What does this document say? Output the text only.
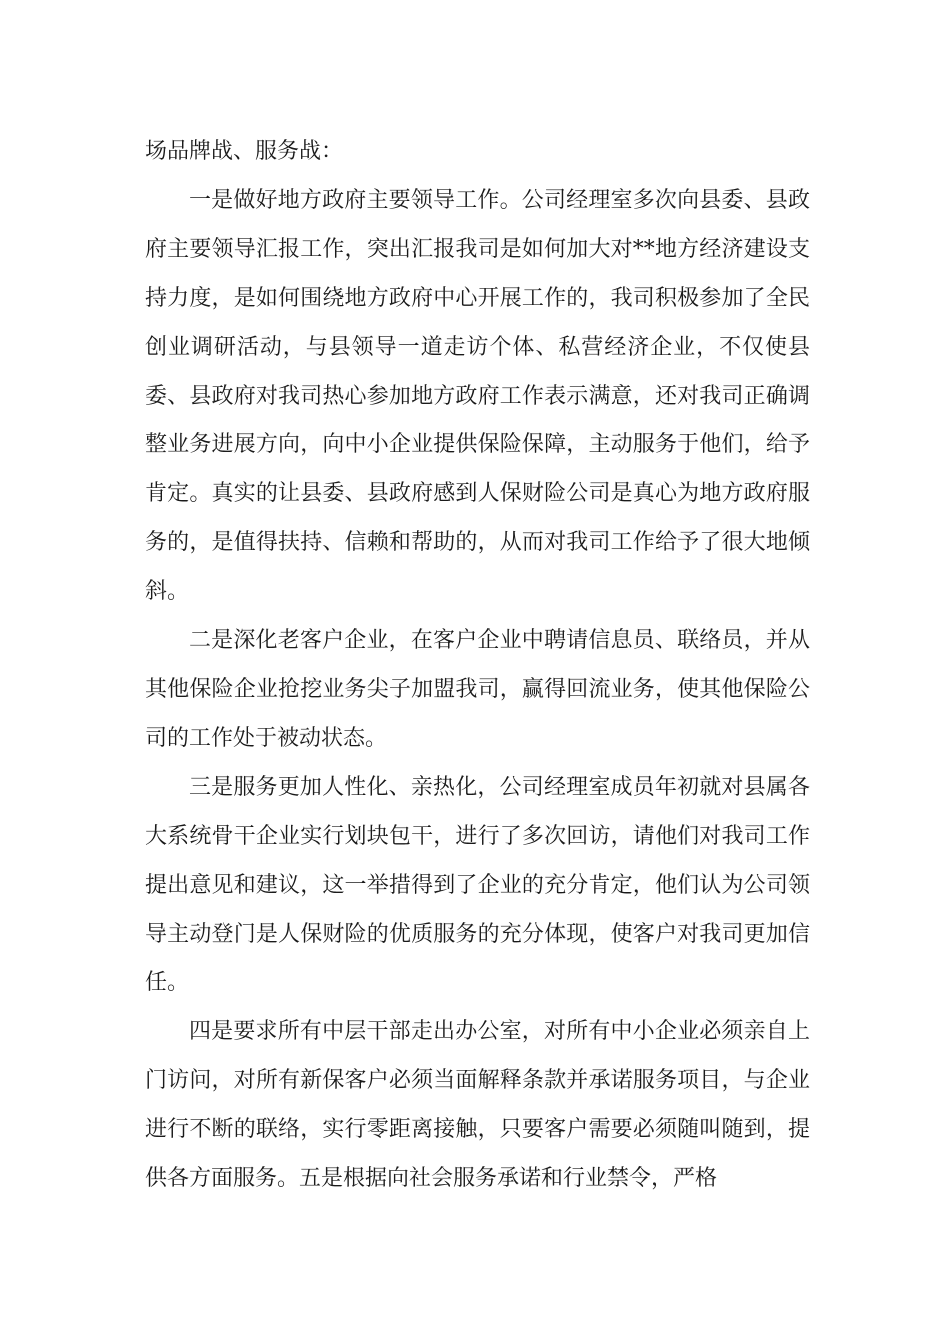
场品牌战、服务战：

一是做好地方政府主要领导工作。公司经理室多次向县委、县政府主要领导汇报工作，突出汇报我司是如何加大对**地方经济建设支持力度，是如何围绕地方政府中心开展工作的，我司积极参加了全民创业调研活动，与县领导一道走访个体、私营经济企业，不仅使县委、县政府对我司热心参加地方政府工作表示满意，还对我司正确调整业务进展方向，向中小企业提供保险保障，主动服务于他们，给予肯定。真实的让县委、县政府感到人保财险公司是真心为地方政府服务的，是值得扶持、信赖和帮助的，从而对我司工作给予了很大地倾斜。

二是深化老客户企业，在客户企业中聘请信息员、联络员，并从其他保险企业抢挖业务尖子加盟我司，赢得回流业务，使其他保险公司的工作处于被动状态。

三是服务更加人性化、亲热化，公司经理室成员年初就对县属各大系统骨干企业实行划块包干，进行了多次回访，请他们对我司工作提出意见和建议，这一举措得到了企业的充分肯定，他们认为公司领导主动登门是人保财险的优质服务的充分体现，使客户对我司更加信任。

四是要求所有中层干部走出办公室，对所有中小企业必须亲自上门访问，对所有新保客户必须当面解释条款并承诺服务项目，与企业进行不断的联络，实行零距离接触，只要客户需要必须随叫随到，提供各方面服务。五是根据向社会服务承诺和行业禁令，严格
